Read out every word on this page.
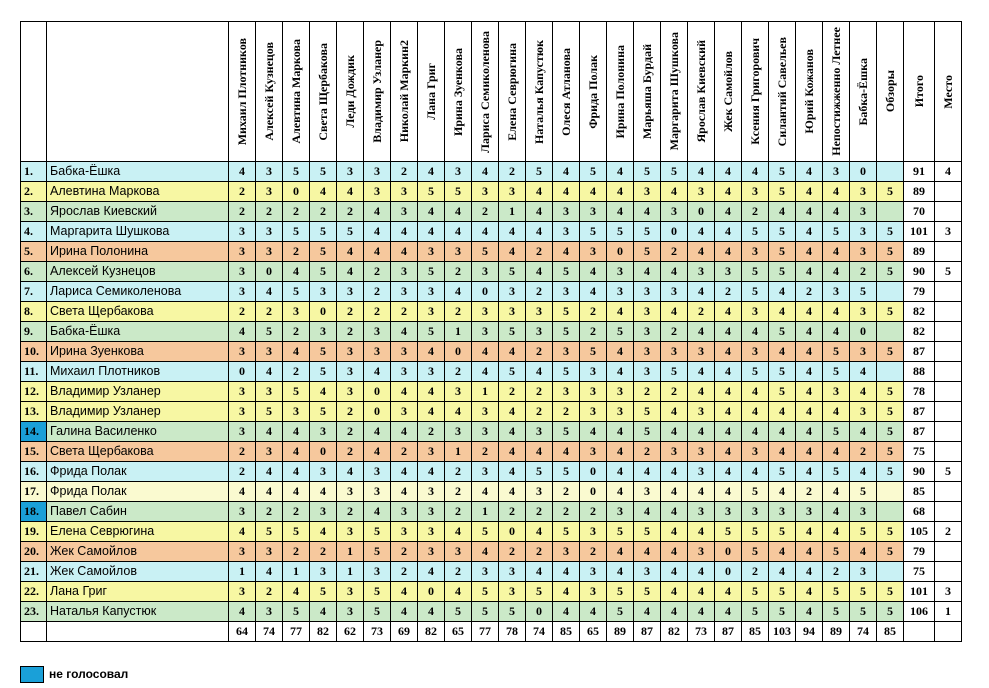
		Михаил Плотников	Алексей Кузнецов	Алевтина Маркова	Света Щербакова	Леди Дождик	Владимир Узланер	Николай Маркин2	Лана Григ	Ирина Зуенкова	Лариса Семиколенова	Елена Севрюгина	Наталья Капустюк	Олеся Атланова	Фрида Полак	Ирина Полонина	Марьяша Бурдай	Маргарита Шушкова	Ярослав Киевский	Жек Самойлов	Ксения Григорович	Силантий Савельев	Юрий Кожанов	Непостижженно Летнее	Бабка-Ёшка	Обзоры	Итого	Место

1.	Бабка-Ёшка	4	3	5	5	3	3	2	4	3	4	2	5	4	5	4	5	5	4	4	4	5	4	3	0		91	4
2.	Алевтина Маркова	2	3	0	4	4	3	3	5	5	3	3	4	4	4	4	3	4	3	4	3	5	4	4	3	5	89	
3.	Ярослав Киевский	2	2	2	2	2	4	3	4	4	2	1	4	3	3	4	4	3	0	4	2	4	4	4	3		70	
4.	Маргарита Шушкова	3	3	5	5	5	4	4	4	4	4	4	4	3	5	5	5	0	4	4	5	5	4	5	3	5	101	3
5.	Ирина Полонина	3	3	2	5	4	4	4	3	3	5	4	2	4	3	0	5	2	4	4	3	5	4	4	3	5	89	
6.	Алексей Кузнецов	3	0	4	5	4	2	3	5	2	3	5	4	5	4	3	4	4	3	3	5	5	4	4	2	5	90	5
7.	Лариса Семиколенова	3	4	5	3	3	2	3	3	4	0	3	2	3	4	3	3	3	4	2	5	4	2	3	5		79	
8.	Света Щербакова	2	2	3	0	2	2	2	3	2	3	3	3	5	2	4	3	4	2	4	3	4	4	4	3	5	82	
9.	Бабка-Ёшка	4	5	2	3	2	3	4	5	1	3	5	3	5	2	5	3	2	4	4	4	5	4	4	0		82	
10.	Ирина Зуенкова	3	3	4	5	3	3	3	4	0	4	4	2	3	5	4	3	3	3	4	3	4	4	5	3	5	87	
11.	Михаил Плотников	0	4	2	5	3	4	3	3	2	4	5	4	5	3	4	3	5	4	4	5	5	4	5	4		88	
12.	Владимир Узланер	3	3	5	4	3	0	4	4	3	1	2	2	3	3	3	2	2	4	4	4	5	4	3	4	5	78	
13.	Владимир Узланер	3	5	3	5	2	0	3	4	4	3	4	2	2	3	3	5	4	3	4	4	4	4	4	3	5	87	
14.	Галина Василенко	3	4	4	3	2	4	4	2	3	3	4	3	5	4	4	5	4	4	4	4	4	4	5	4	5	87	
15.	Света Щербакова	2	3	4	0	2	4	2	3	1	2	4	4	4	3	4	2	3	3	4	3	4	4	4	2	5	75	
16.	Фрида Полак	2	4	4	3	4	3	4	4	2	3	4	5	5	0	4	4	4	3	4	4	5	4	5	4	5	90	5
17.	Фрида Полак	4	4	4	4	3	3	4	3	2	4	4	3	2	0	4	3	4	4	4	5	4	2	4	5		85	
18.	Павел Сабин	3	2	2	3	2	4	3	3	2	1	2	2	2	2	3	4	4	3	3	3	3	3	4	3		68	
19.	Елена Севрюгина	4	5	5	4	3	5	3	3	4	5	0	4	5	3	5	5	4	4	5	5	5	4	4	5	5	105	2
20.	Жек Самойлов	3	3	2	2	1	5	2	3	3	4	2	2	3	2	4	4	4	3	0	5	4	4	5	4	5	79	
21.	Жек Самойлов	1	4	1	3	1	3	2	4	2	3	3	4	4	3	4	3	4	4	0	2	4	4	2	3		75	
22.	Лана Григ	3	2	4	5	3	5	4	0	4	5	3	5	4	3	5	5	4	4	4	5	5	4	5	5	5	101	3
23.	Наталья Капустюк	4	3	5	4	3	5	4	4	5	5	5	0	4	4	5	4	4	4	4	5	5	4	5	5	5	106	1
		64	74	77	82	62	73	69	82	65	77	78	74	85	65	89	87	82	73	87	85	103	94	89	74	85		
не голосовал
